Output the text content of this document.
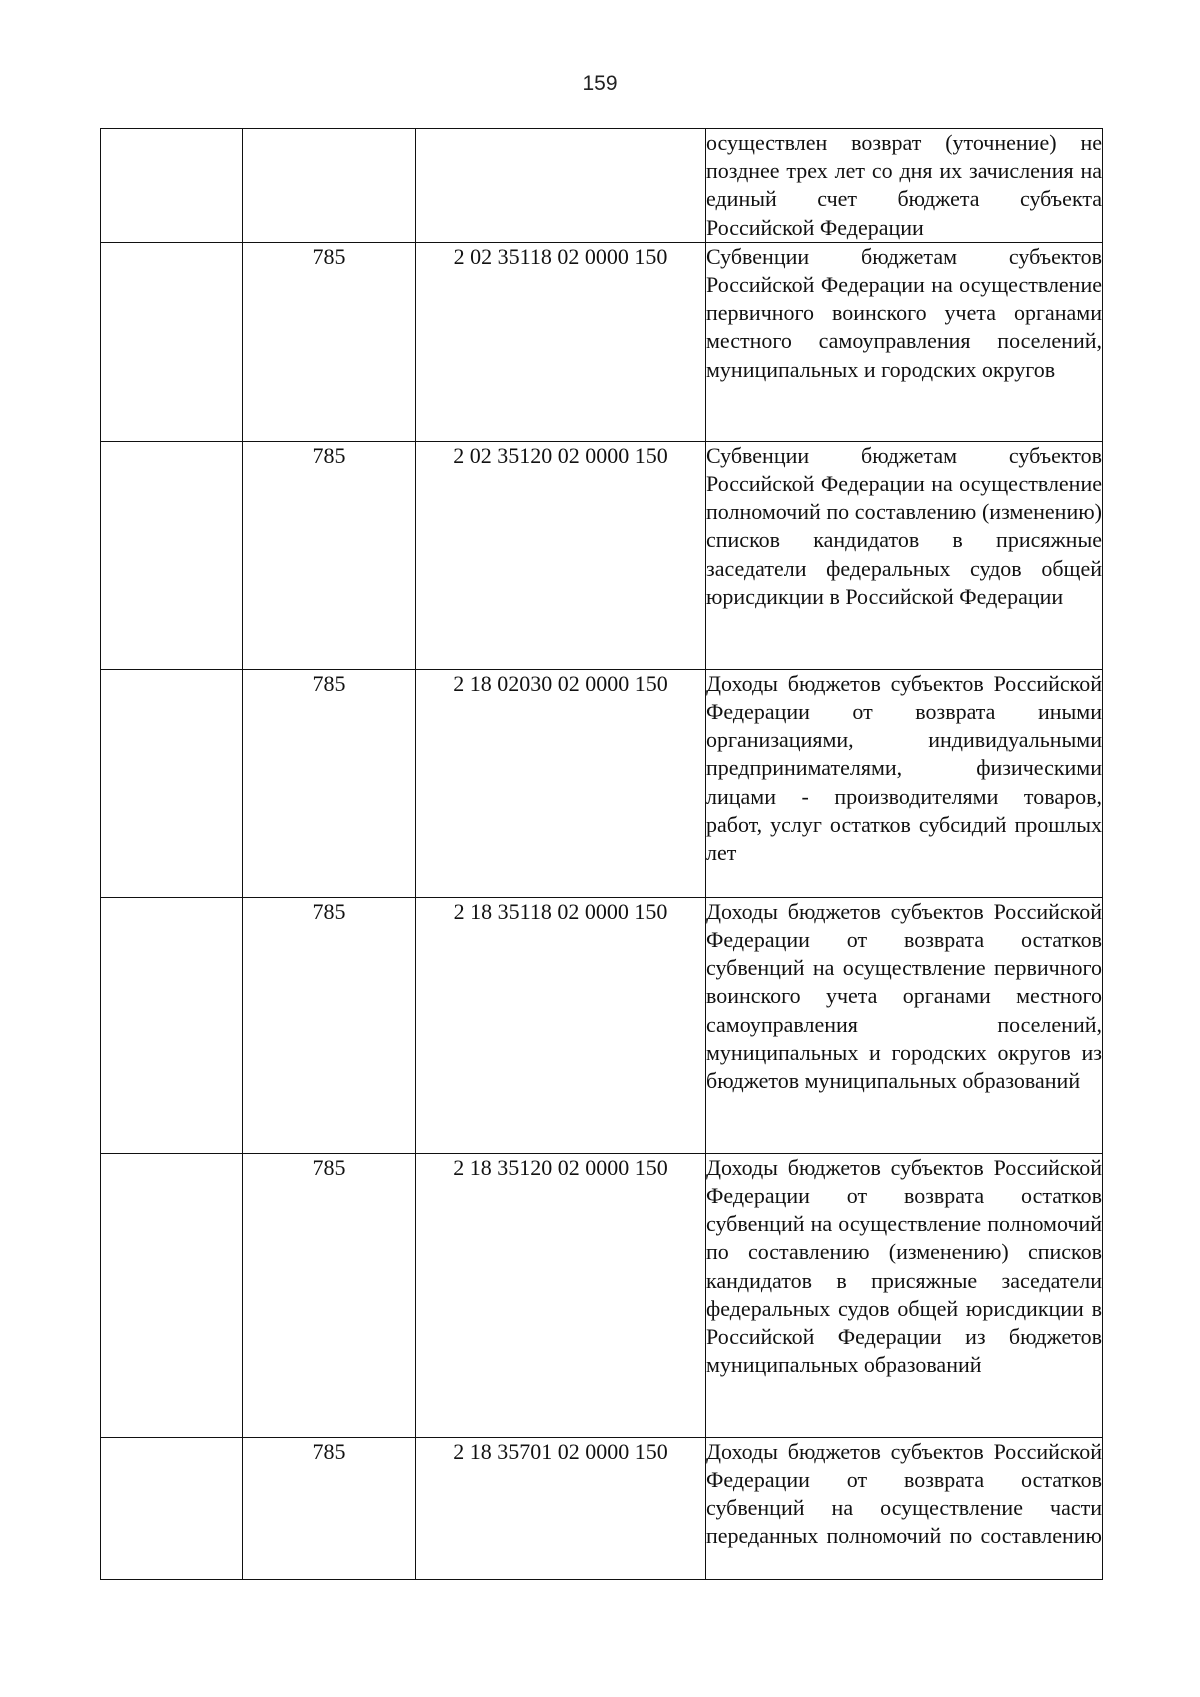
159
			осуществлен возврат (уточнение) не позднее трех лет со дня их зачисления на единый счет бюджета субъекта Российской Федерации
	785	2 02 35118 02 0000 150	Субвенции бюджетам субъектов Российской Федерации на осуществление первичного воинского учета органами местного самоуправления поселений, муниципальных и городских округов
	785	2 02 35120 02 0000 150	Субвенции бюджетам субъектов Российской Федерации на осуществление полномочий по составлению (изменению) списков кандидатов в присяжные заседатели федеральных судов общей юрисдикции в Российской Федерации
	785	2 18 02030 02 0000 150	Доходы бюджетов субъектов Российской Федерации от возврата иными организациями, индивидуальными предпринимателями, физическими лицами - производителями товаров, работ, услуг остатков субсидий прошлых лет
	785	2 18 35118 02 0000 150	Доходы бюджетов субъектов Российской Федерации от возврата остатков субвенций на осуществление первичного воинского учета органами местного самоуправления поселений, муниципальных и городских округов из бюджетов муниципальных образований
	785	2 18 35120 02 0000 150	Доходы бюджетов субъектов Российской Федерации от возврата остатков субвенций на осуществление полномочий по составлению (изменению) списков кандидатов в присяжные заседатели федеральных судов общей юрисдикции в Российской Федерации из бюджетов муниципальных образований
	785	2 18 35701 02 0000 150	Доходы бюджетов субъектов Российской Федерации от возврата остатков субвенций на осуществление части переданных полномочий по составлению
